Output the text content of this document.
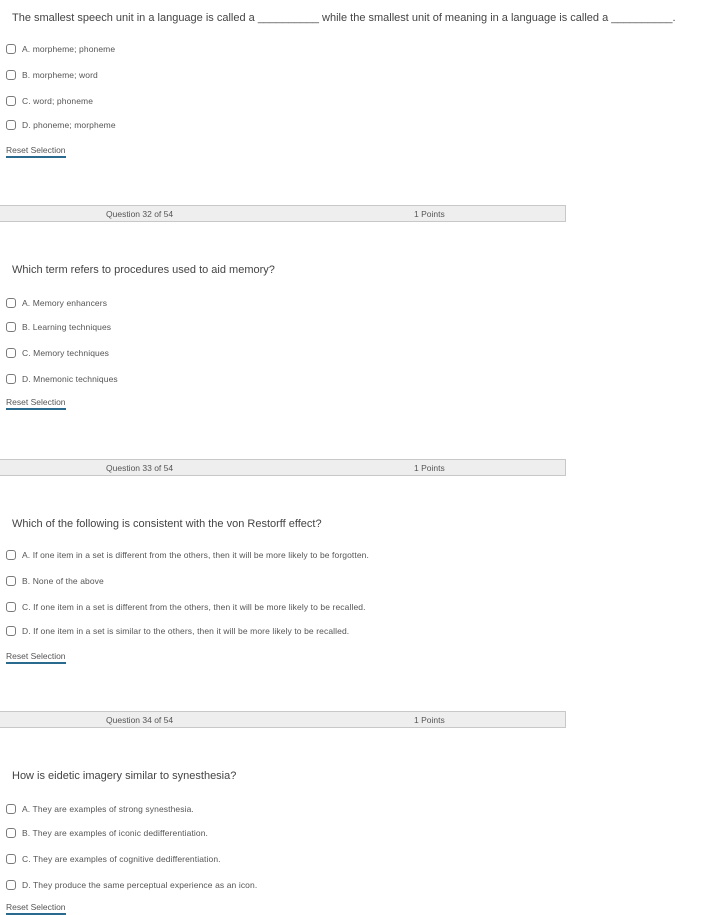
The smallest speech unit in a language is called a __________ while the smallest unit of meaning in a language is called a __________.
A. morpheme; phoneme
B. morpheme; word
C. word; phoneme
D. phoneme; morpheme
Reset Selection
Question 32 of 54	1 Points
Which term refers to procedures used to aid memory?
A. Memory enhancers
B. Learning techniques
C. Memory techniques
D. Mnemonic techniques
Reset Selection
Question 33 of 54	1 Points
Which of the following is consistent with the von Restorff effect?
A. If one item in a set is different from the others, then it will be more likely to be forgotten.
B. None of the above
C. If one item in a set is different from the others, then it will be more likely to be recalled.
D. If one item in a set is similar to the others, then it will be more likely to be recalled.
Reset Selection
Question 34 of 54	1 Points
How is eidetic imagery similar to synesthesia?
A. They are examples of strong synesthesia.
B. They are examples of iconic dedifferentiation.
C. They are examples of cognitive dedifferentiation.
D. They produce the same perceptual experience as an icon.
Reset Selection
